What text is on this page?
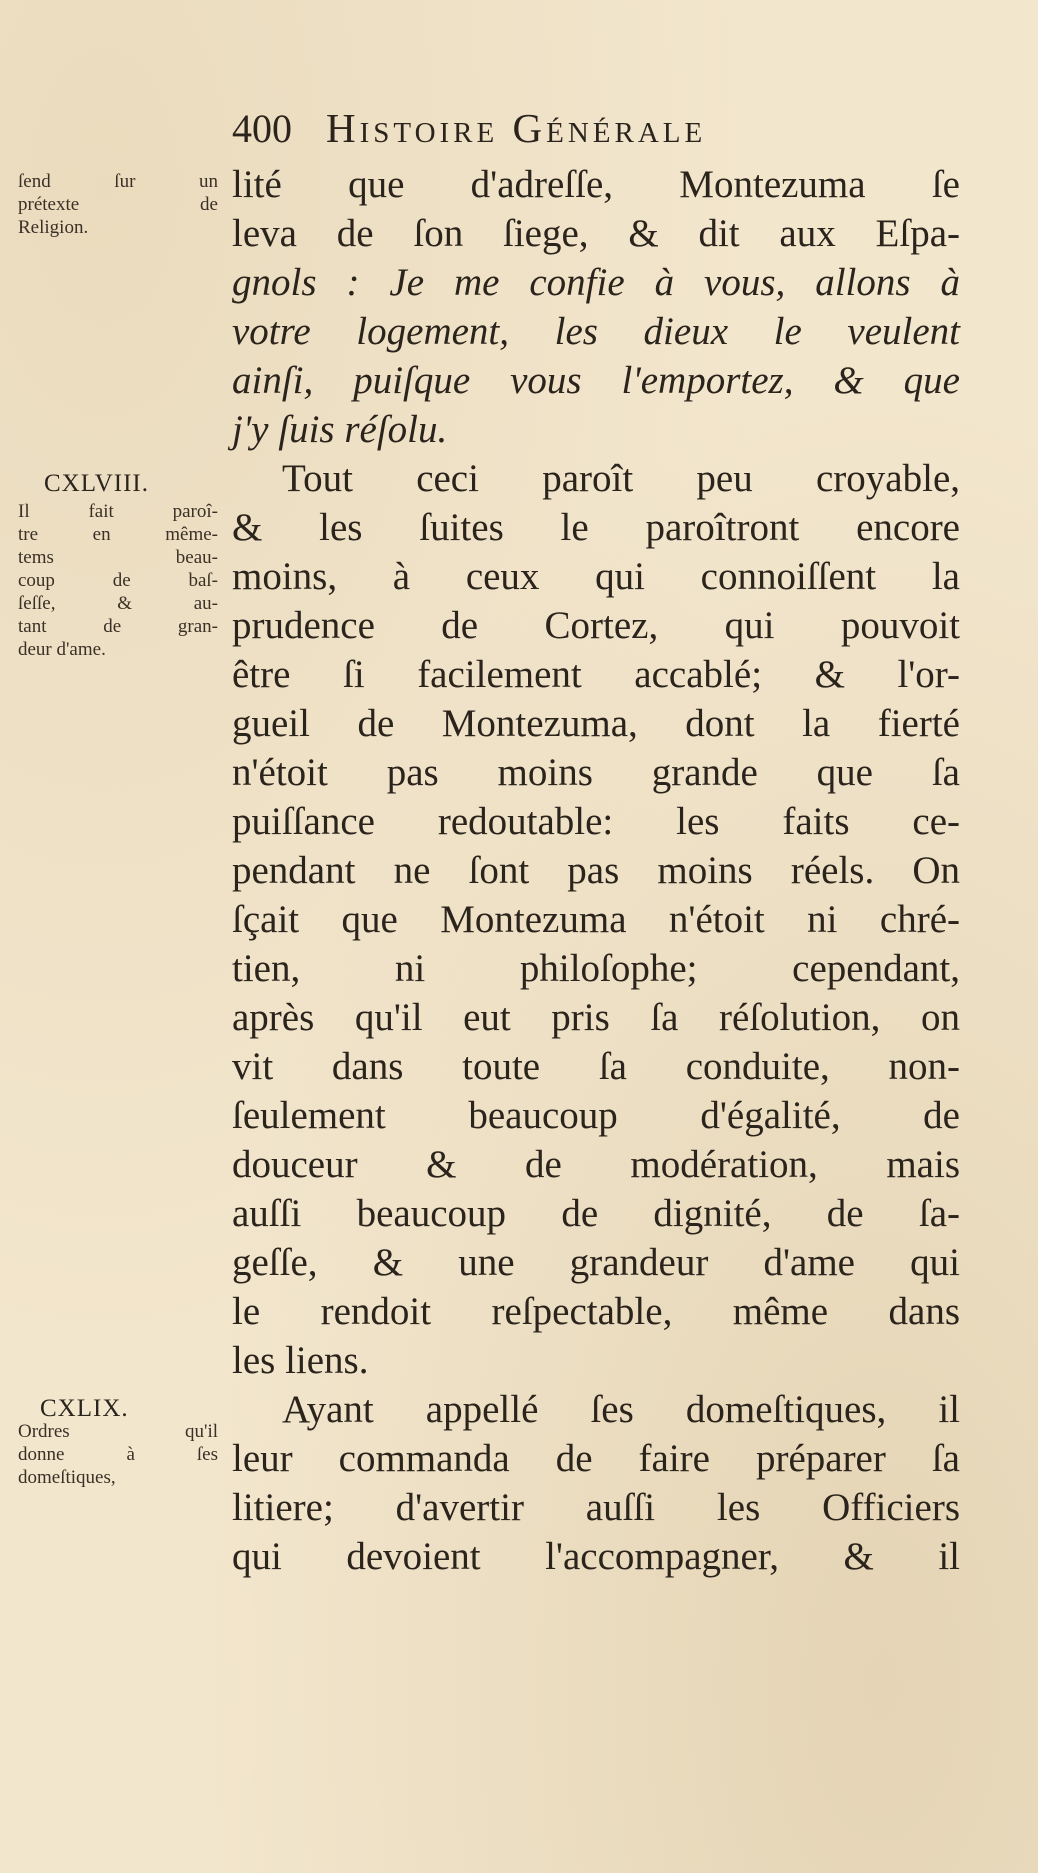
400 Histoire Générale
ſend ſur un
prétexte de
Religion.
CXLVIII.
Il fait paroî-
tre en même-
tems beau-
coup de baſ-
ſeſſe, & au-
tant de gran-
deur d'ame.
CXLIX.
Ordres qu'il
donne à ſes
domeſtiques,
lité que d'adreſſe, Montezuma ſe
leva de ſon ſiege, & dit aux Eſpa-
gnols : Je me confie à vous, allons à
votre logement, les dieux le veulent
ainſi, puiſque vous l'emportez, & que
j'y ſuis réſolu.
Tout ceci paroît peu croyable,
& les ſuites le paroîtront encore
moins, à ceux qui connoiſſent la
prudence de Cortez, qui pouvoit
être ſi facilement accablé; & l'or-
gueil de Montezuma, dont la fierté
n'étoit pas moins grande que ſa
puiſſance redoutable: les faits ce-
pendant ne ſont pas moins réels. On
ſçait que Montezuma n'étoit ni chré-
tien, ni philoſophe; cependant,
après qu'il eut pris ſa réſolution, on
vit dans toute ſa conduite, non-
ſeulement beaucoup d'égalité, de
douceur & de modération, mais
auſſi beaucoup de dignité, de ſa-
geſſe, & une grandeur d'ame qui
le rendoit reſpectable, même dans
les liens.
Ayant appellé ſes domeſtiques, il
leur commanda de faire préparer ſa
litiere; d'avertir auſſi les Officiers
qui devoient l'accompagner, & il
